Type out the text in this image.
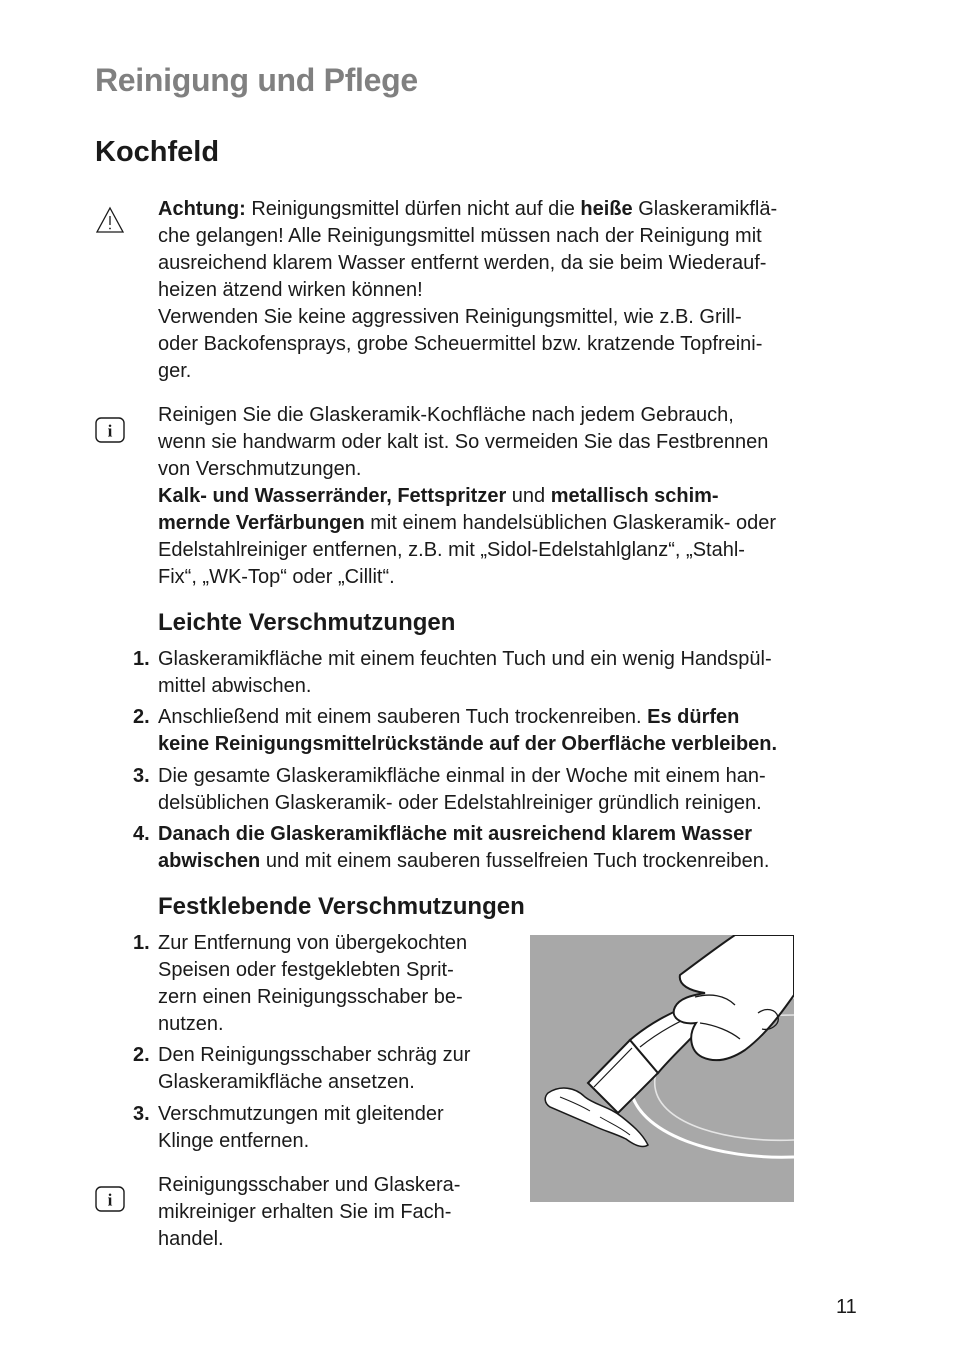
Reinigung und Pflege
Kochfeld
Achtung: Reinigungsmittel dürfen nicht auf die heiße Glaskeramikflä-
che gelangen! Alle Reinigungsmittel müssen nach der Reinigung mit
ausreichend klarem Wasser entfernt werden, da sie beim Wiederauf-
heizen ätzend wirken können!
Verwenden Sie keine aggressiven Reinigungsmittel, wie z.B. Grill-
oder Backofensprays, grobe Scheuermittel bzw. kratzende Topfreini-
ger.
i
Reinigen Sie die Glaskeramik-Kochfläche nach jedem Gebrauch,
wenn sie handwarm oder kalt ist. So vermeiden Sie das Festbrennen
von Verschmutzungen.
Kalk- und Wasserränder, Fettspritzer und metallisch schim-
mernde Verfärbungen mit einem handelsüblichen Glaskeramik- oder
Edelstahlreiniger entfernen, z.B. mit „Sidol-Edelstahlglanz“, „Stahl-
Fix“, „WK-Top“ oder „Cillit“.
Leichte Verschmutzungen
1. Glaskeramikfläche mit einem feuchten Tuch und ein wenig Handspül-
mittel abwischen.
2. Anschließend mit einem sauberen Tuch trockenreiben. Es dürfen
keine Reinigungsmittelrückstände auf der Oberfläche verbleiben.
3. Die gesamte Glaskeramikfläche einmal in der Woche mit einem han-
delsüblichen Glaskeramik- oder Edelstahlreiniger gründlich reinigen.
4. Danach die Glaskeramikfläche mit ausreichend klarem Wasser
abwischen und mit einem sauberen fusselfreien Tuch trockenreiben.
Festklebende Verschmutzungen
1. Zur Entfernung von übergekochten
Speisen oder festgeklebten Sprit-
zern einen Reinigungsschaber be-
nutzen.
2. Den Reinigungsschaber schräg zur
Glaskeramikfläche ansetzen.
3. Verschmutzungen mit gleitender
Klinge entfernen.
i
Reinigungsschaber und Glaskera-
mikreiniger erhalten Sie im Fach-
handel.
11
